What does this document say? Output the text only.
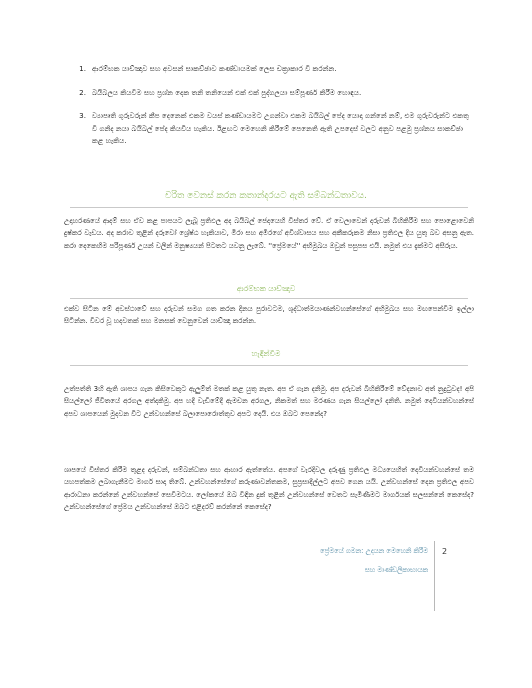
1. ආරම්භක යාච්ඤාව සහ අවසන් සාකච්ඡාව කණ්ඩායමක් ලෙස චක්‍රාකාර වී කරන්න.
2. බයිබලය කියවීම සහ ප්‍රශ්න දෙක තනි තනියෙන් එක් එක් පුද්ගලයා සම්පූර්ණ කිරීම හොඳය.
3. ව්‍යාපෘති ගුරුවරුන් කීප දෙනෙක් එකම වයස් කණ්ඩායමට උගන්වා එකම බයිබල් පේද යොදා ගන්නේ නම්, එම ගුරුවරුන්ට එකතු වී ගනිද නයා බයිබල් පේද කියවිය හැකිය. ඊළඟට මෙහෙනි කිරීමේ පෙනෙති ඇති උපදෙස් වලට අනුව පළමු ප්‍රශ්නය සාකච්ඡා කළ හැකිය.
චරිත වෙනස් කරන කතාන්දරයට ඇති සම්බන්ධතාවය.
උදාහරණයේ ආදම් සහ ඒව කළ පාපයට ලැබූ ප්‍රතිඵල අද බයිබල් ජෙදයෙහි විස්තර වේ. ඒ වෙලාවෙන් දරුවන් බිහිකිරීම සහ පොළොවෙනි දුෂ්කර වැඩය. අද කරාව තුළින් දරුවෝ ශ්‍රේෂ්ඨ හැකියාව, මිරා සහ අමීරගේ අවිශ්වාසය සහ අකීකරුකම නිසා ප්‍රතිඵල දිය යුතු බව අසනු ඇත. කරා දෙකෙහිම පරිපූර්ණ උයන් වලින් මනුෂ්‍යයන් පිටතට යවනු ලැබේ. ''ප්‍රේමයේ'' අභිමුඛය ඔවුන් පසුපස එයි. නමුත් එය දැක්මට අසීරුය.
ආරම්භක යාච්ඤාව
එක්ව සිටින මේ අවස්ථාවේ සහ දරුවන් සමග ගත කරන දිනය පුරාවටම, ශුද්ධාත්මයාණන්වහන්සේගේ අභිමුඛය සහ මඟපෙන්වීම ඉල්ලා සිටින්න. වීවර වූ හදවතක් සහ මනසක් වෙනුවෙන් යාච්ඤා කරන්න.
හැඳින්වීම
උත්පත්ති 3හි ඇති ශාපය ගැන කිසිවෙකුට ඇලුම්ත් මතක් කළ යුතු නැත. අප ඒ ගැන දනිමු. අප දරුවන් බිහිකිරීමේ වේදනාව අත් නුදුටුවද! අපි සියල්ලෝ ජීවිතයේ අරගල අත්දකිමු. අප හදී වැඩීමේදී ඇමචන අරගල, නිකමත් සහ මරණය ගැන සියල්ලෝ දනිති. නමුත් දෙවියන්වහන්සේ අපව ශාපයෙන් මුදවන විට උන්වහන්සේ බලාපොරොත්තුව අපට දෙයි. එය ඔබට පෙනේද?
ශාපයේ විස්තර කිරීම තුළද දරුවන්, සම්බන්ධතා සහ ආහාර ඇත්තේය. අපගේ වැරදිවල දරුණු ප්‍රතිඵල මධ්‍යයෙහිත් දෙවියන්වහන්සේ තම යහපත්කම ලබාගැනීමට මාර්ග සාදා තිබේ. උන්වහන්සේගේ කරුණාවන්තකම, සුප්‍රසාදීල්ලට අපව ගෙන යයි. උන්වහන්සේ දෙන ප්‍රතිඵල අපව ආරාධනා කරන්නේ උන්වහන්සේ සෙවීමටය. ලෝකයේ ඔබ වීඳින දුක් තුළින් උන්වහන්සේ වෙතට සැමිණීමට මාර්ගයක් සලසන්නේ කෙසේද? උන්වහන්සේගේ ප්‍රේමය උන්වහන්සේ ඔබට එළිදරව් කරන්නේ කෙසේද?
ප්‍රේමයේ ගමන: උදයන මෙහෙනි කිරීම
සහ මාණ්ඩලිකාභායක
2
